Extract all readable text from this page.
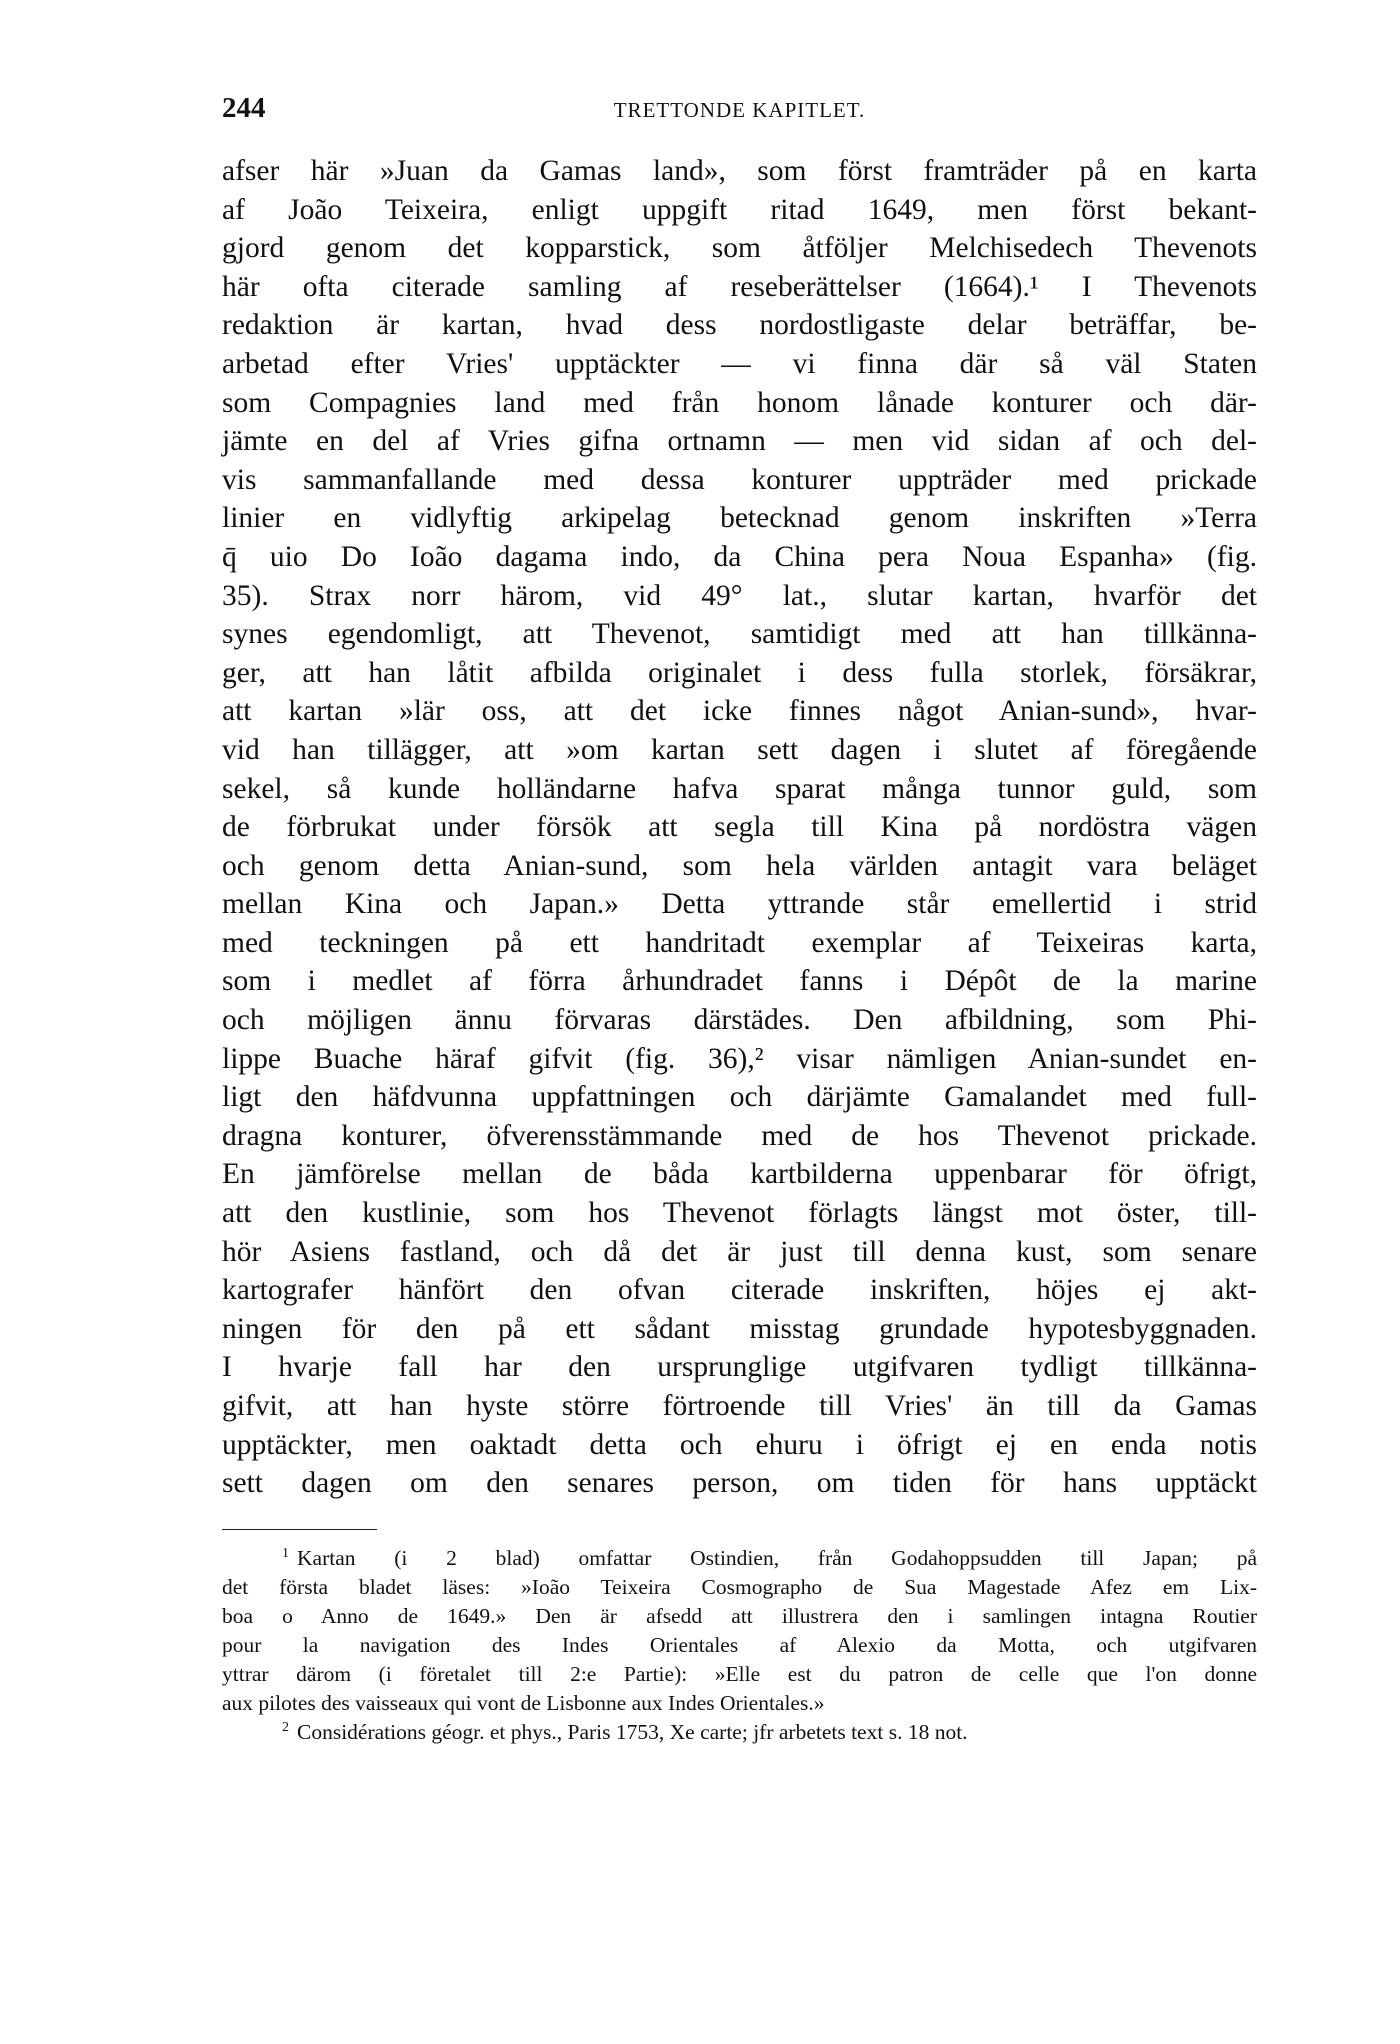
244	TRETTONDE KAPITLET.
afser här »Juan da Gamas land», som först framträder på en karta
af João Teixeira, enligt uppgift ritad 1649, men först bekant-
gjord genom det kopparstick, som åtföljer Melchisedech Thevenots
här ofta citerade samling af reseberättelser (1664).¹ I Thevenots
redaktion är kartan, hvad dess nordostligaste delar beträffar, be-
arbetad efter Vries' upptäckter — vi finna där så väl Staten
som Compagnies land med från honom lånade konturer och där-
jämte en del af Vries gifna ortnamn — men vid sidan af och del-
vis sammanfallande med dessa konturer uppträder med prickade
linier en vidlyftig arkipelag betecknad genom inskriften »Terra
q̄ uio Do Ioão dagama indo, da China pera Noua Espanha» (fig.
35). Strax norr härom, vid 49° lat., slutar kartan, hvarför det
synes egendomligt, att Thevenot, samtidigt med att han tillkänna-
ger, att han låtit afbilda originalet i dess fulla storlek, försäkrar,
att kartan »lär oss, att det icke finnes något Anian-sund», hvar-
vid han tillägger, att »om kartan sett dagen i slutet af föregående
sekel, så kunde holländarne hafva sparat många tunnor guld, som
de förbrukat under försök att segla till Kina på nordöstra vägen
och genom detta Anian-sund, som hela världen antagit vara beläget
mellan Kina och Japan.» Detta yttrande står emellertid i strid
med teckningen på ett handritadt exemplar af Teixeiras karta,
som i medlet af förra århundradet fanns i Dépôt de la marine
och möjligen ännu förvaras därstädes. Den afbildning, som Phi-
lippe Buache häraf gifvit (fig. 36),² visar nämligen Anian-sundet en-
ligt den häfdvunna uppfattningen och därjämte Gamalandet med full-
dragna konturer, öfverensstämmande med de hos Thevenot prickade.
En jämförelse mellan de båda kartbilderna uppenbarar för öfrigt,
att den kustlinie, som hos Thevenot förlagts längst mot öster, till-
hör Asiens fastland, och då det är just till denna kust, som senare
kartografer hänfört den ofvan citerade inskriften, höjes ej akt-
ningen för den på ett sådant misstag grundade hypotesbyggnaden.
I hvarje fall har den ursprunglige utgifvaren tydligt tillkänna-
gifvit, att han hyste större förtroende till Vries' än till da Gamas
upptäckter, men oaktadt detta och ehuru i öfrigt ej en enda notis
sett dagen om den senares person, om tiden för hans upptäckt
$^1$ Kartan (i 2 blad) omfattar Ostindien, från Godahoppsudden till Japan; på
det första bladet läses: »Ioão Teixeira Cosmographo de Sua Magestade Afez em Lix-
boa o Anno de 1649.» Den är afsedd att illustrera den i samlingen intagna Routier
pour la navigation des Indes Orientales af Alexio da Motta, och utgifvaren
yttrar därom (i företalet till 2:e Partie): »Elle est du patron de celle que l'on donne
aux pilotes des vaisseaux qui vont de Lisbonne aux Indes Orientales.»
$^2$ Considérations géogr. et phys., Paris 1753, Xe carte; jfr arbetets text s. 18 not.
